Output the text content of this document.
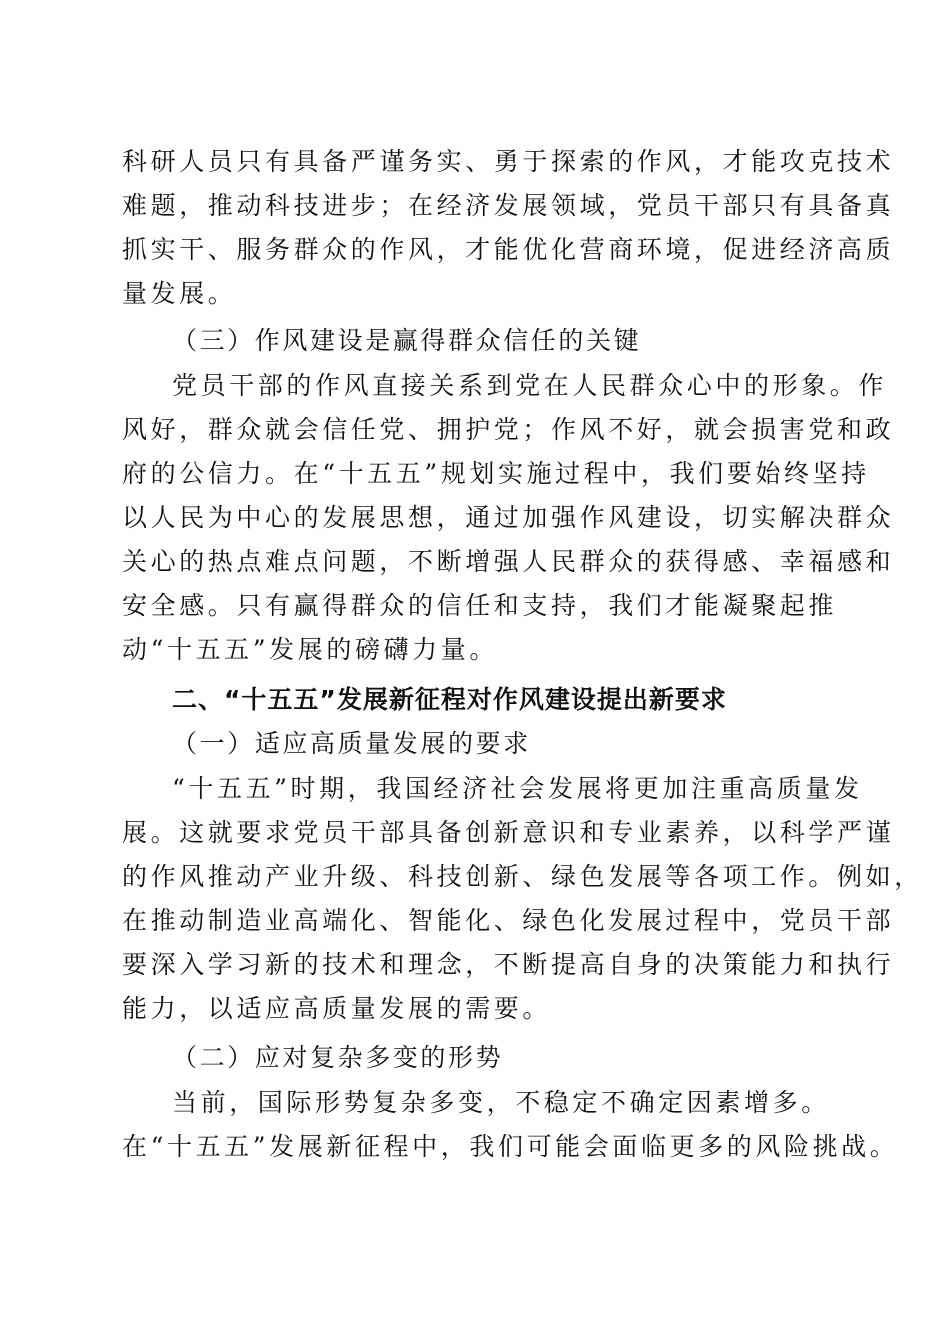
科研人员只有具备严谨务实、勇于探索的作风，才能攻克技术
难题，推动科技进步；在经济发展领域，党员干部只有具备真
抓实干、服务群众的作风，才能优化营商环境，促进经济高质
量发展。
（三）作风建设是赢得群众信任的关键
党员干部的作风直接关系到党在人民群众心中的形象。作
风好，群众就会信任党、拥护党；作风不好，就会损害党和政
府的公信力。在“十五五”规划实施过程中，我们要始终坚持
以人民为中心的发展思想，通过加强作风建设，切实解决群众
关心的热点难点问题，不断增强人民群众的获得感、幸福感和
安全感。只有赢得群众的信任和支持，我们才能凝聚起推
动“十五五”发展的磅礴力量。
二、“十五五”发展新征程对作风建设提出新要求
（一）适应高质量发展的要求
“十五五”时期，我国经济社会发展将更加注重高质量发
展。这就要求党员干部具备创新意识和专业素养，以科学严谨
的作风推动产业升级、科技创新、绿色发展等各项工作。例如，
在推动制造业高端化、智能化、绿色化发展过程中，党员干部
要深入学习新的技术和理念，不断提高自身的决策能力和执行
能力，以适应高质量发展的需要。
（二）应对复杂多变的形势
当前，国际形势复杂多变，不稳定不确定因素增多。
在“十五五”发展新征程中，我们可能会面临更多的风险挑战。
